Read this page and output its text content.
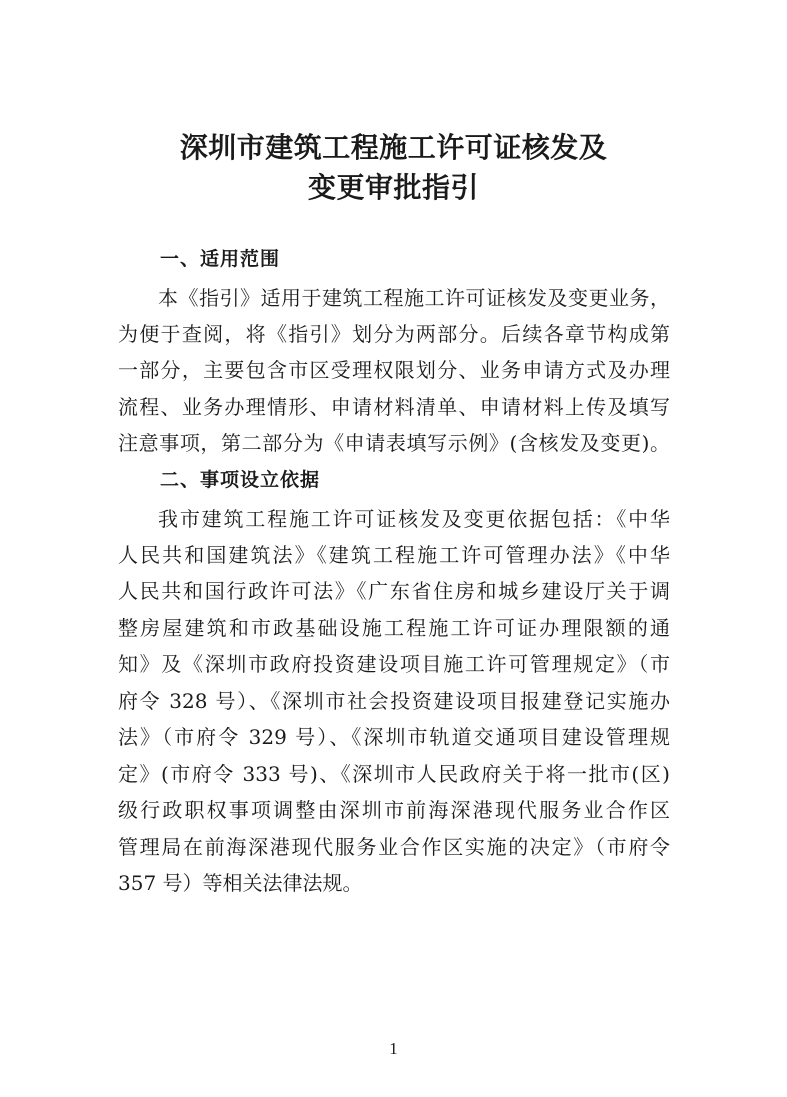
深圳市建筑工程施工许可证核发及
变更审批指引
一、适用范围

本《指引》适用于建筑工程施工许可证核发及变更业务，

为便于查阅，将《指引》划分为两部分。后续各章节构成第

一部分，主要包含市区受理权限划分、业务申请方式及办理

流程、业务办理情形、申请材料清单、申请材料上传及填写

注意事项，第二部分为《申请表填写示例》(含核发及变更)。

二、事项设立依据

我市建筑工程施工许可证核发及变更依据包括：《中华

人民共和国建筑法》《建筑工程施工许可管理办法》《中华

人民共和国行政许可法》《广东省住房和城乡建设厅关于调

整房屋建筑和市政基础设施工程施工许可证办理限额的通

知》及《深圳市政府投资建设项目施工许可管理规定》（市

府令 328 号）、《深圳市社会投资建设项目报建登记实施办

法》（市府令 329 号）、《深圳市轨道交通项目建设管理规

定》(市府令 333 号)、《深圳市人民政府关于将一批市(区)

级行政职权事项调整由深圳市前海深港现代服务业合作区

管理局在前海深港现代服务业合作区实施的决定》（市府令

357 号）等相关法律法规。

1
